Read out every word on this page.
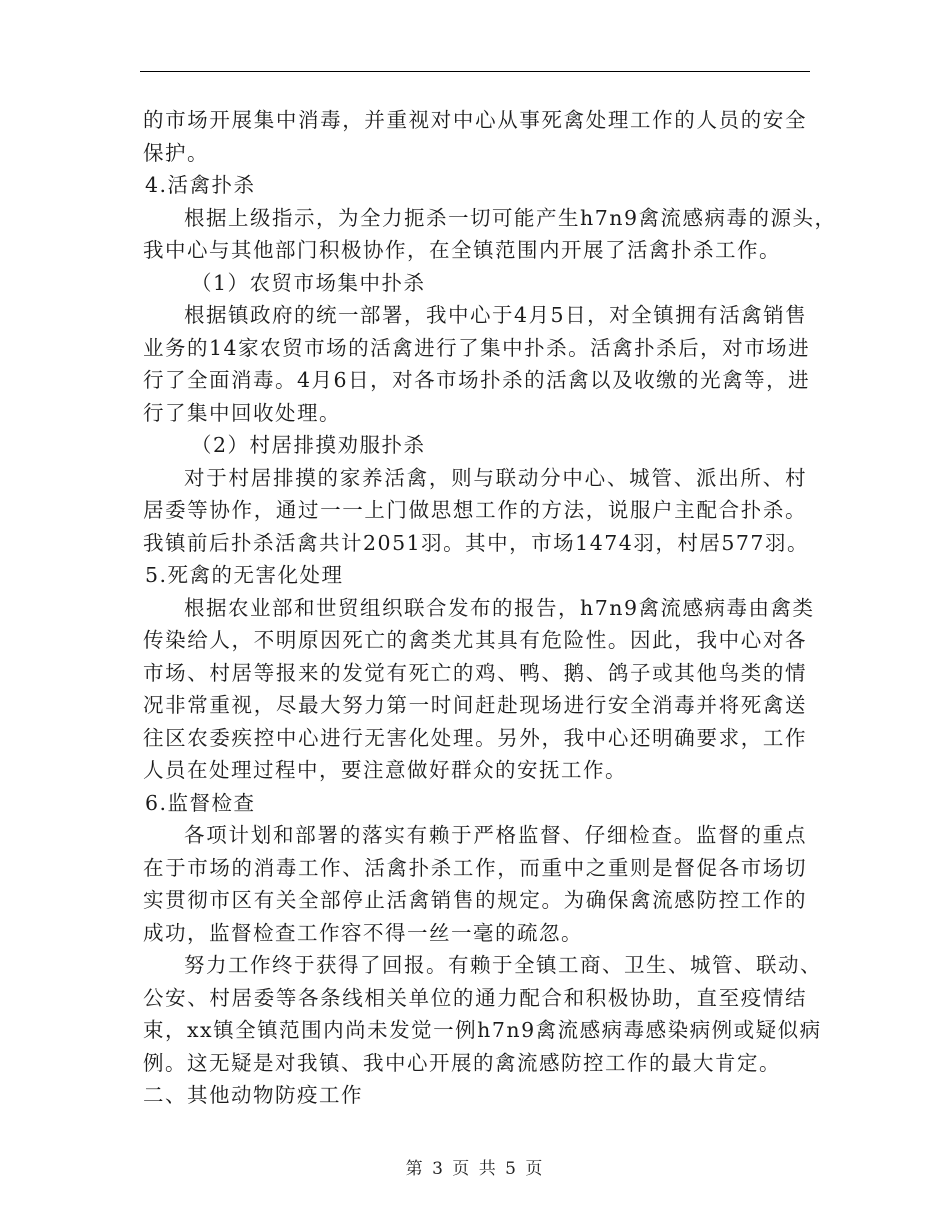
的市场开展集中消毒，并重视对中心从事死禽处理工作的人员的安全
保护。
4.活禽扑杀
根据上级指示，为全力扼杀一切可能产生h7n9禽流感病毒的源头，
我中心与其他部门积极协作，在全镇范围内开展了活禽扑杀工作。
（1）农贸市场集中扑杀
根据镇政府的统一部署，我中心于4月5日，对全镇拥有活禽销售
业务的14家农贸市场的活禽进行了集中扑杀。活禽扑杀后，对市场进
行了全面消毒。4月6日，对各市场扑杀的活禽以及收缴的光禽等，进
行了集中回收处理。
（2）村居排摸劝服扑杀
对于村居排摸的家养活禽，则与联动分中心、城管、派出所、村
居委等协作，通过一一上门做思想工作的方法，说服户主配合扑杀。
我镇前后扑杀活禽共计2051羽。其中，市场1474羽，村居577羽。
5.死禽的无害化处理
根据农业部和世贸组织联合发布的报告，h7n9禽流感病毒由禽类
传染给人，不明原因死亡的禽类尤其具有危险性。因此，我中心对各
市场、村居等报来的发觉有死亡的鸡、鸭、鹅、鸽子或其他鸟类的情
况非常重视，尽最大努力第一时间赶赴现场进行安全消毒并将死禽送
往区农委疾控中心进行无害化处理。另外，我中心还明确要求，工作
人员在处理过程中，要注意做好群众的安抚工作。
6.监督检查
各项计划和部署的落实有赖于严格监督、仔细检查。监督的重点
在于市场的消毒工作、活禽扑杀工作，而重中之重则是督促各市场切
实贯彻市区有关全部停止活禽销售的规定。为确保禽流感防控工作的
成功，监督检查工作容不得一丝一毫的疏忽。
努力工作终于获得了回报。有赖于全镇工商、卫生、城管、联动、
公安、村居委等各条线相关单位的通力配合和积极协助，直至疫情结
束，xx镇全镇范围内尚未发觉一例h7n9禽流感病毒感染病例或疑似病
例。这无疑是对我镇、我中心开展的禽流感防控工作的最大肯定。
二、其他动物防疫工作
第 3 页 共 5 页
